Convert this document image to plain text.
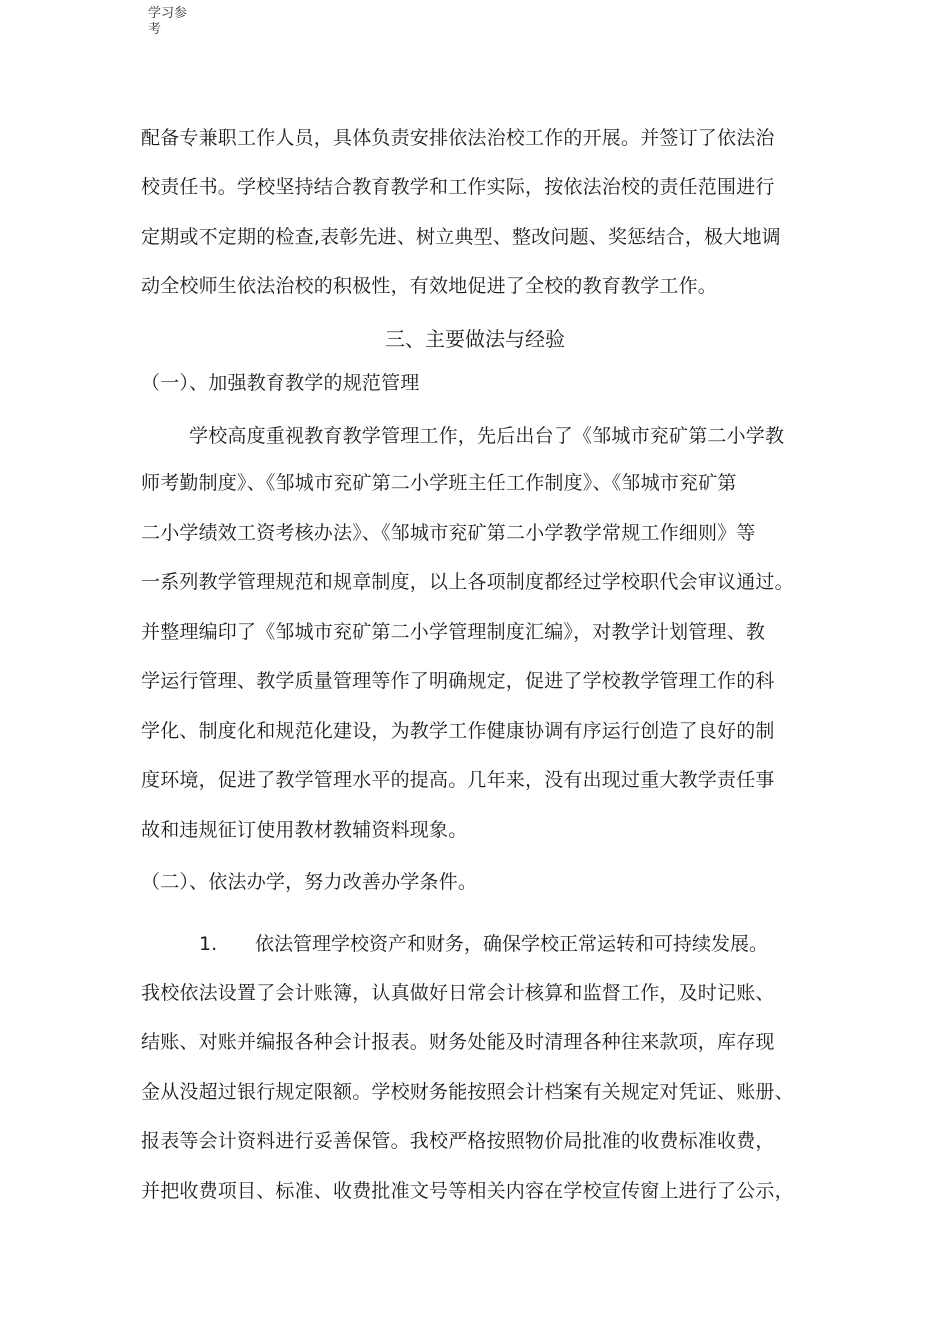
学习参
考
配备专兼职工作人员，具体负责安排依法治校工作的开展。并签订了依法治
校责任书。学校坚持结合教育教学和工作实际，按依法治校的责任范围进行
定期或不定期的检查,表彰先进、树立典型、整改问题、奖惩结合，极大地调
动全校师生依法治校的积极性，有效地促进了全校的教育教学工作。
三、主要做法与经验
（一）、加强教育教学的规范管理
学校高度重视教育教学管理工作，先后出台了《邹城市兖矿第二小学教
师考勤制度》、《邹城市兖矿第二小学班主任工作制度》、《邹城市兖矿第
二小学绩效工资考核办法》、《邹城市兖矿第二小学教学常规工作细则》等
一系列教学管理规范和规章制度，以上各项制度都经过学校职代会审议通过。
并整理编印了《邹城市兖矿第二小学管理制度汇编》，对教学计划管理、教
学运行管理、教学质量管理等作了明确规定，促进了学校教学管理工作的科
学化、制度化和规范化建设，为教学工作健康协调有序运行创造了良好的制
度环境，促进了教学管理水平的提高。几年来，没有出现过重大教学责任事
故和违规征订使用教材教辅资料现象。
（二）、依法办学，努力改善办学条件。
1. 依法管理学校资产和财务，确保学校正常运转和可持续发展。
我校依法设置了会计账簿，认真做好日常会计核算和监督工作，及时记账、
结账、对账并编报各种会计报表。财务处能及时清理各种往来款项，库存现
金从没超过银行规定限额。学校财务能按照会计档案有关规定对凭证、账册、
报表等会计资料进行妥善保管。我校严格按照物价局批准的收费标准收费，
并把收费项目、标准、收费批准文号等相关内容在学校宣传窗上进行了公示，
